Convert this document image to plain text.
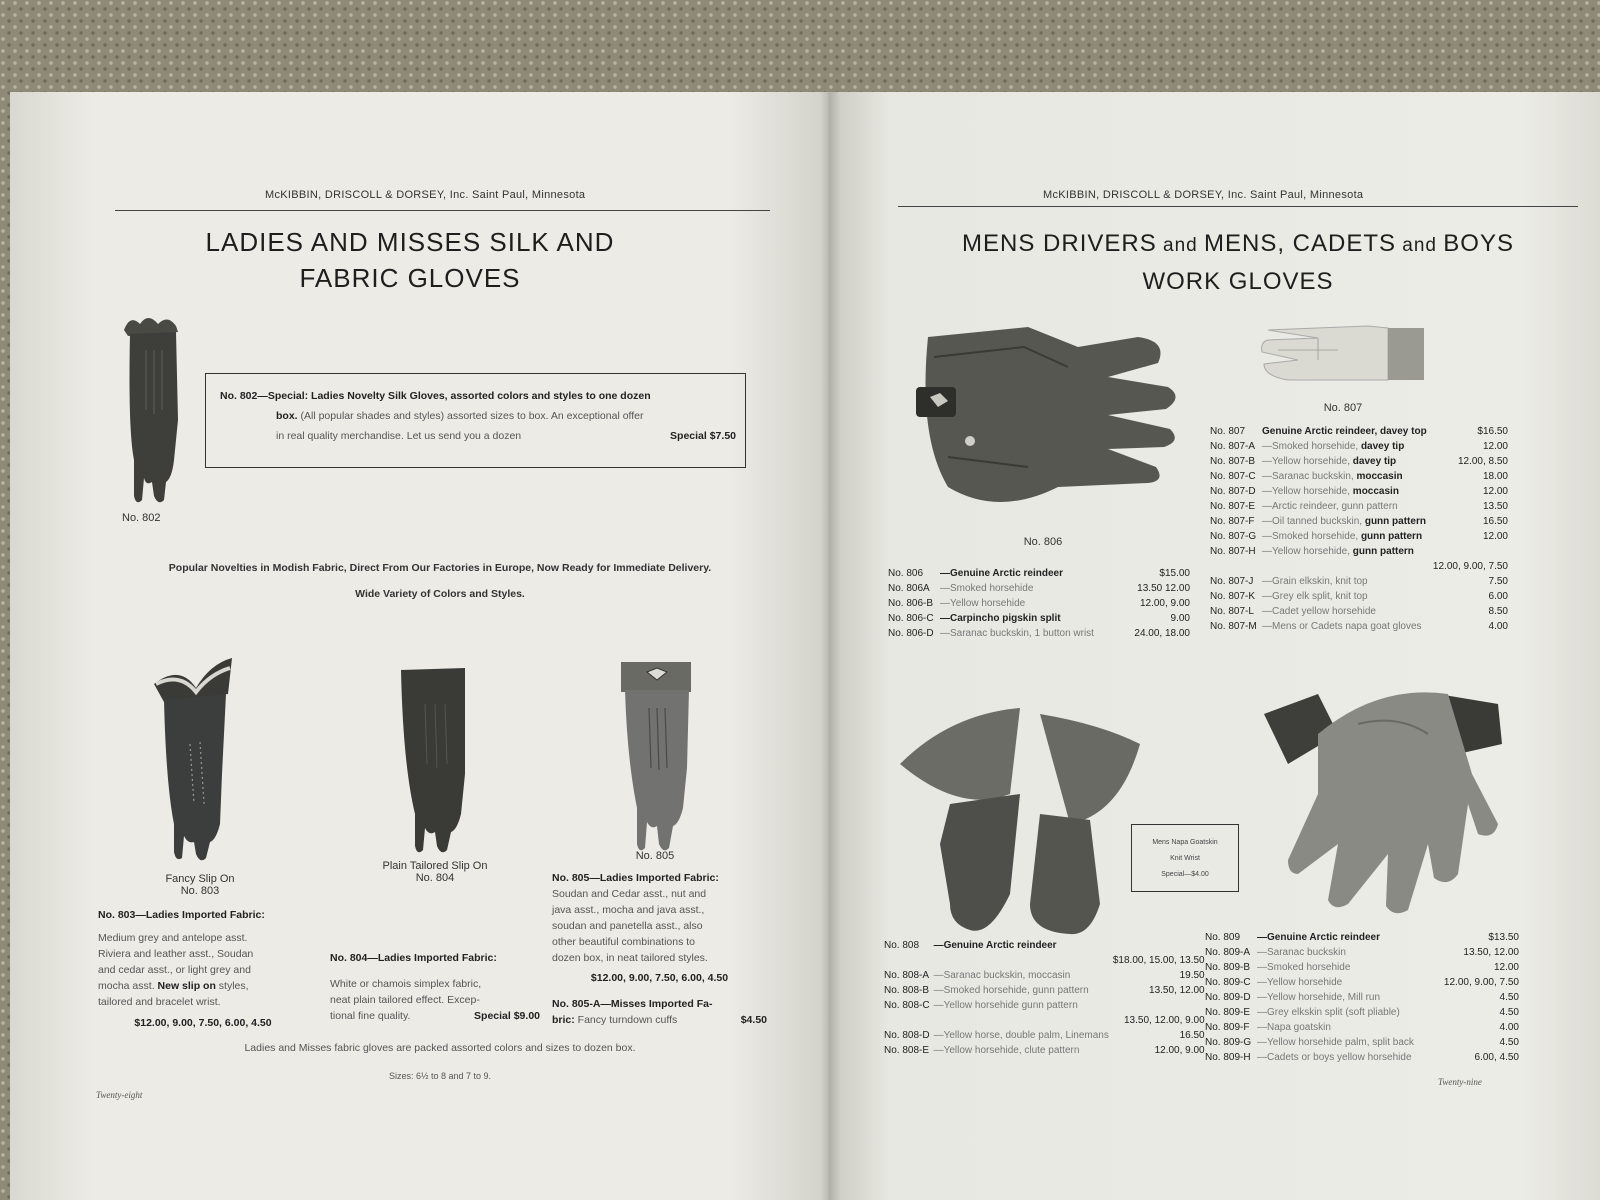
McKIBBIN, DRISCOLL & DORSEY, Inc. Saint Paul, Minnesota
LADIES AND MISSES SILK AND
FABRIC GLOVES
No. 802
No. 802—Special: Ladies Novelty Silk Gloves, assorted colors and styles to one dozen
box. (All popular shades and styles) assorted sizes to box. An exceptional offer
in real quality merchandise. Let us send you a dozen	Special $7.50
Popular Novelties in Modish Fabric, Direct From Our Factories in Europe, Now Ready for Immediate Delivery.
Wide Variety of Colors and Styles.
Fancy Slip On
No. 803
No. 803—Ladies Imported Fabric:
Medium grey and antelope asst.
Riviera and leather asst., Soudan
and cedar asst., or light grey and
mocha asst. New slip on styles,
tailored and bracelet wrist.
$12.00, 9.00, 7.50, 6.00, 4.50
Plain Tailored Slip On
No. 804
No. 804—Ladies Imported Fabric:
White or chamois simplex fabric,
neat plain tailored effect. Excep-
tional fine quality.	Special $9.00
No. 805
No. 805—Ladies Imported Fabric:
Soudan and Cedar asst., nut and
java asst., mocha and java asst.,
soudan and panetella asst., also
other beautiful combinations to
dozen box, in neat tailored styles.
$12.00, 9.00, 7.50, 6.00, 4.50
No. 805-A—Misses Imported Fa-
bric: Fancy turndown cuffs	$4.50
Ladies and Misses fabric gloves are packed assorted colors and sizes to dozen box.
Sizes: 6½ to 8 and 7 to 9.
Twenty-eight
McKIBBIN, DRISCOLL & DORSEY, Inc. Saint Paul, Minnesota
MENS DRIVERS and MENS, CADETS and BOYS
WORK GLOVES
No. 806
No. 807
No. 807	Genuine Arctic reindeer, davey top	$16.50
No. 807-A	—Smoked horsehide, davey tip	12.00
No. 807-B	—Yellow horsehide, davey tip	12.00, 8.50
No. 807-C	—Saranac buckskin, moccasin	18.00
No. 807-D	—Yellow horsehide, moccasin	12.00
No. 807-E	—Arctic reindeer, gunn pattern	13.50
No. 807-F	—Oil tanned buckskin, gunn pattern	16.50
No. 807-G	—Smoked horsehide, gunn pattern	12.00
No. 807-H	—Yellow horsehide, gunn pattern	
		12.00, 9.00, 7.50
No. 807-J	—Grain elkskin, knit top	7.50
No. 807-K	—Grey elk split, knit top	6.00
No. 807-L	—Cadet yellow horsehide	8.50
No. 807-M	—Mens or Cadets napa goat gloves	4.00
No. 806	—Genuine Arctic reindeer	$15.00
No. 806A	—Smoked horsehide	13.50 12.00
No. 806-B	—Yellow horsehide	12.00, 9.00
No. 806-C	—Carpincho pigskin split	9.00
No. 806-D	—Saranac buckskin, 1 button wrist	24.00, 18.00
Mens Napa Goatskin
Knit Wrist
Special—$4.00
No. 808	—Genuine Arctic reindeer	
		$18.00, 15.00, 13.50
No. 808-A	—Saranac buckskin, moccasin	19.50
No. 808-B	—Smoked horsehide, gunn pattern	13.50, 12.00
No. 808-C	—Yellow horsehide gunn pattern	
		13.50, 12.00, 9.00
No. 808-D	—Yellow horse, double palm, Linemans	16.50
No. 808-E	—Yellow horsehide, clute pattern	12.00, 9.00
No. 809	—Genuine Arctic reindeer	$13.50
No. 809-A	—Saranac buckskin	13.50, 12.00
No. 809-B	—Smoked horsehide	12.00
No. 809-C	—Yellow horsehide	12.00, 9.00, 7.50
No. 809-D	—Yellow horsehide, Mill run	4.50
No. 809-E	—Grey elkskin split (soft pliable)	4.50
No. 809-F	—Napa goatskin	4.00
No. 809-G	—Yellow horsehide palm, split back	4.50
No. 809-H	—Cadets or boys yellow horsehide	6.00, 4.50
Twenty-nine
